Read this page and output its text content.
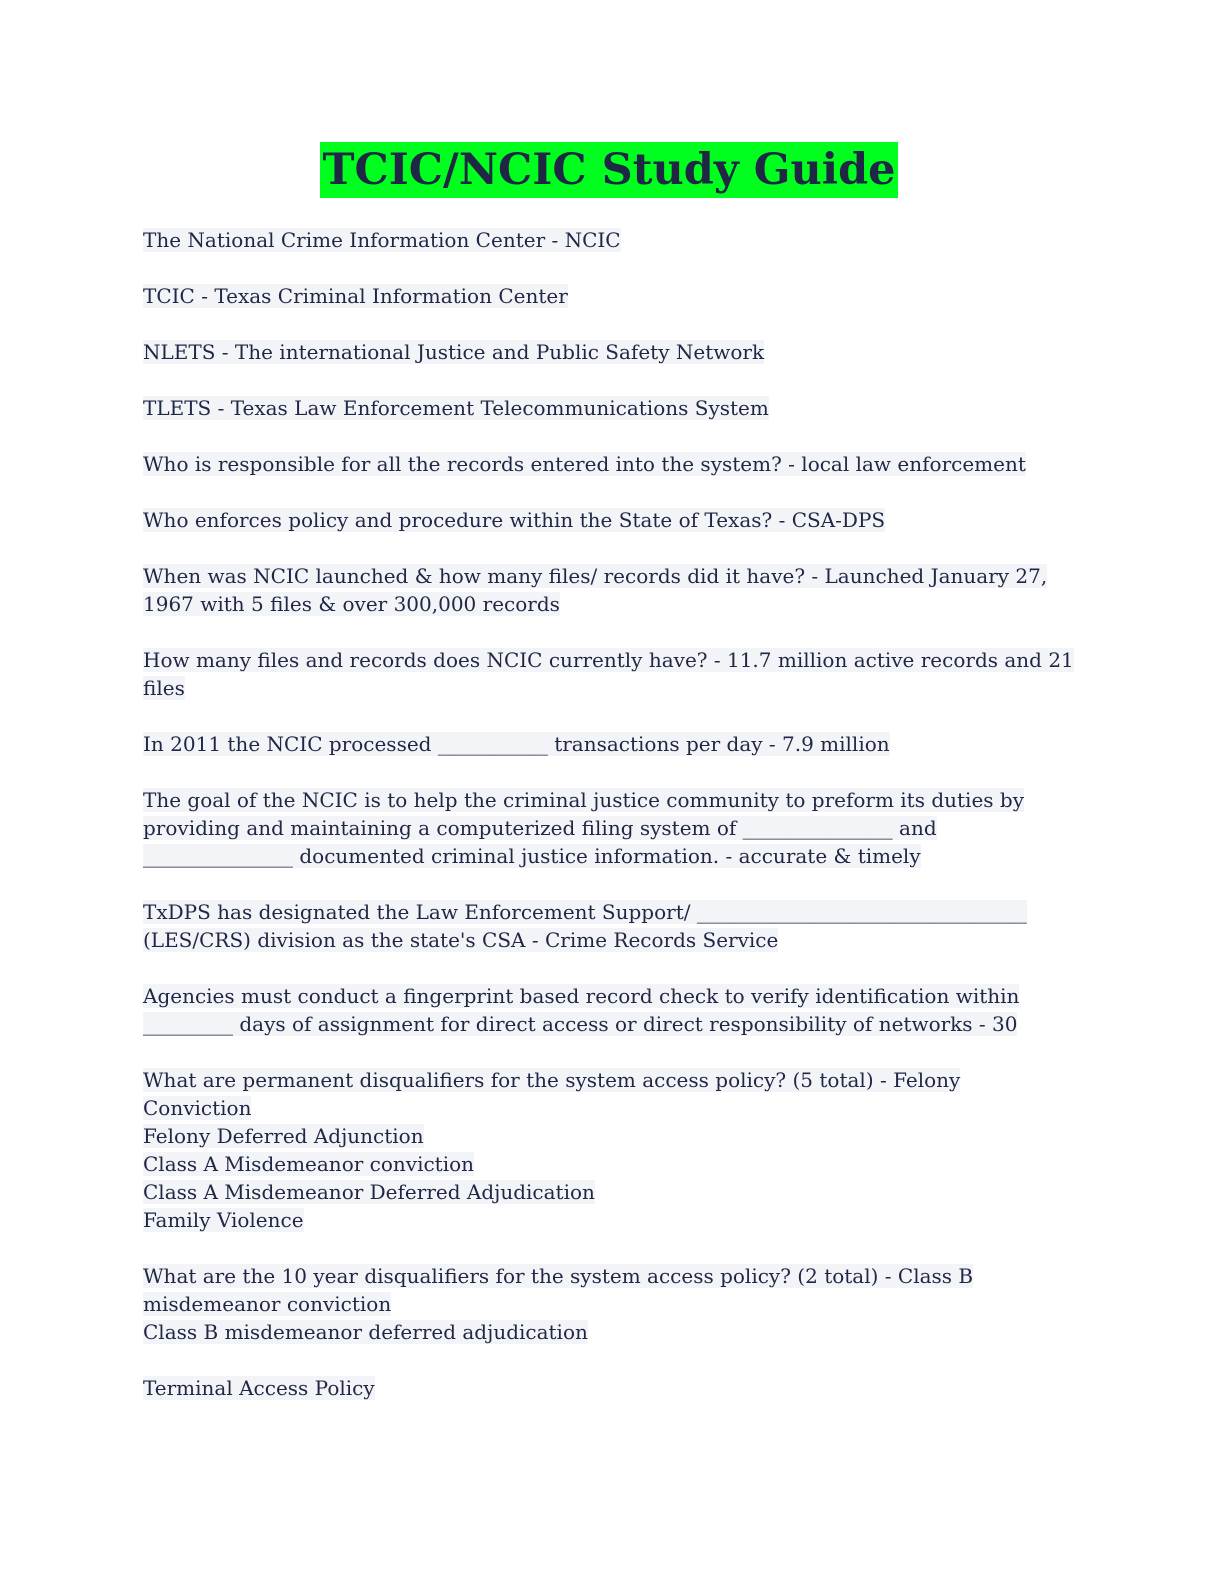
TCIC/NCIC Study Guide
The National Crime Information Center - NCIC
TCIC - Texas Criminal Information Center
NLETS - The international Justice and Public Safety Network
TLETS - Texas Law Enforcement Telecommunications System
Who is responsible for all the records entered into the system? - local law enforcement
Who enforces policy and procedure within the State of Texas? - CSA-DPS
When was NCIC launched & how many files/ records did it have? - Launched January 27,
1967 with 5 files & over 300,000 records
How many files and records does NCIC currently have? - 11.7 million active records and 21
files
In 2011 the NCIC processed ___________ transactions per day - 7.9 million
The goal of the NCIC is to help the criminal justice community to preform its duties by
providing and maintaining a computerized filing system of _______________ and
_______________ documented criminal justice information. - accurate & timely
TxDPS has designated the Law Enforcement Support/ _________________________________
(LES/CRS) division as the state's CSA - Crime Records Service
Agencies must conduct a fingerprint based record check to verify identification within
_________ days of assignment for direct access or direct responsibility of networks - 30
What are permanent disqualifiers for the system access policy? (5 total) - Felony
Conviction
Felony Deferred Adjunction
Class A Misdemeanor conviction
Class A Misdemeanor Deferred Adjudication
Family Violence
What are the 10 year disqualifiers for the system access policy? (2 total) - Class B
misdemeanor conviction
Class B misdemeanor deferred adjudication
Terminal Access Policy
